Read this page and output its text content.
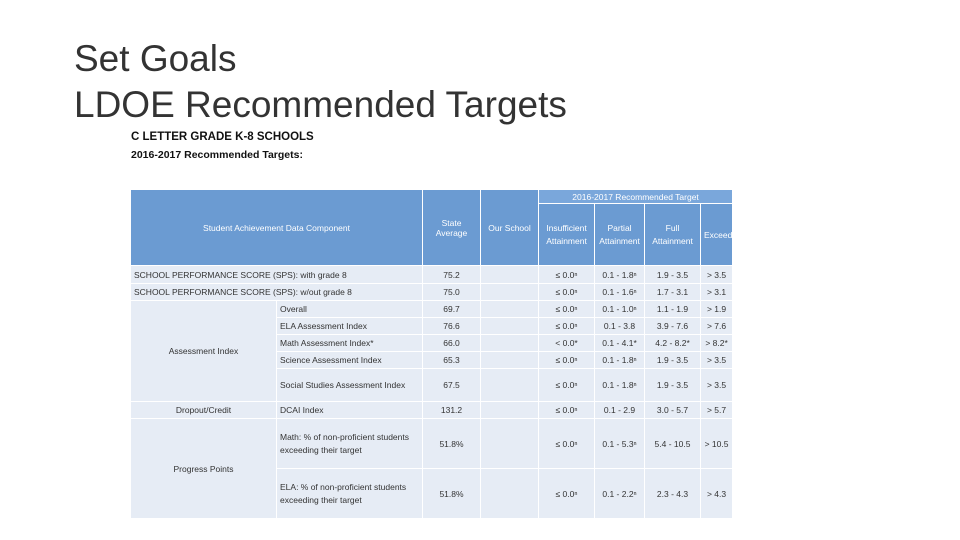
Set Goals
LDOE Recommended Targets
C LETTER GRADE K-8 SCHOOLS
2016-2017 Recommended Targets:
Student Achievement Data Component		State Average	Our School	2016-2017 Recommended Target			
				Insufficient Attainment	Partial Attainment	Full Attainment	Exceeds
SCHOOL PERFORMANCE SCORE (SPS): with grade 8		75.2		≤ 0.0ⁿ	0.1 - 1.8ⁿ	1.9 - 3.5	> 3.5
SCHOOL PERFORMANCE SCORE (SPS): w/out grade 8		75.0		≤ 0.0ⁿ	0.1 - 1.6ⁿ	1.7 - 3.1	> 3.1
Assessment Index	Overall	69.7		≤ 0.0ⁿ	0.1 - 1.0ⁿ	1.1 - 1.9	> 1.9
	ELA Assessment Index	76.6		≤ 0.0ⁿ	0.1 - 3.8	3.9 - 7.6	> 7.6
	Math Assessment Index*	66.0		< 0.0*	0.1 - 4.1*	4.2 - 8.2*	> 8.2*
	Science Assessment Index	65.3		≤ 0.0ⁿ	0.1 - 1.8ⁿ	1.9 - 3.5	> 3.5
	Social Studies Assessment Index	67.5		≤ 0.0ⁿ	0.1 - 1.8ⁿ	1.9 - 3.5	> 3.5
Dropout/Credit	DCAI Index	131.2		≤ 0.0ⁿ	0.1 - 2.9	3.0 - 5.7	> 5.7
Progress Points	Math: % of non-proficient students exceeding their target	51.8%		≤ 0.0ⁿ	0.1 - 5.3ⁿ	5.4 - 10.5	> 10.5
	ELA: % of non-proficient students exceeding their target	51.8%		≤ 0.0ⁿ	0.1 - 2.2ⁿ	2.3 - 4.3	> 4.3
